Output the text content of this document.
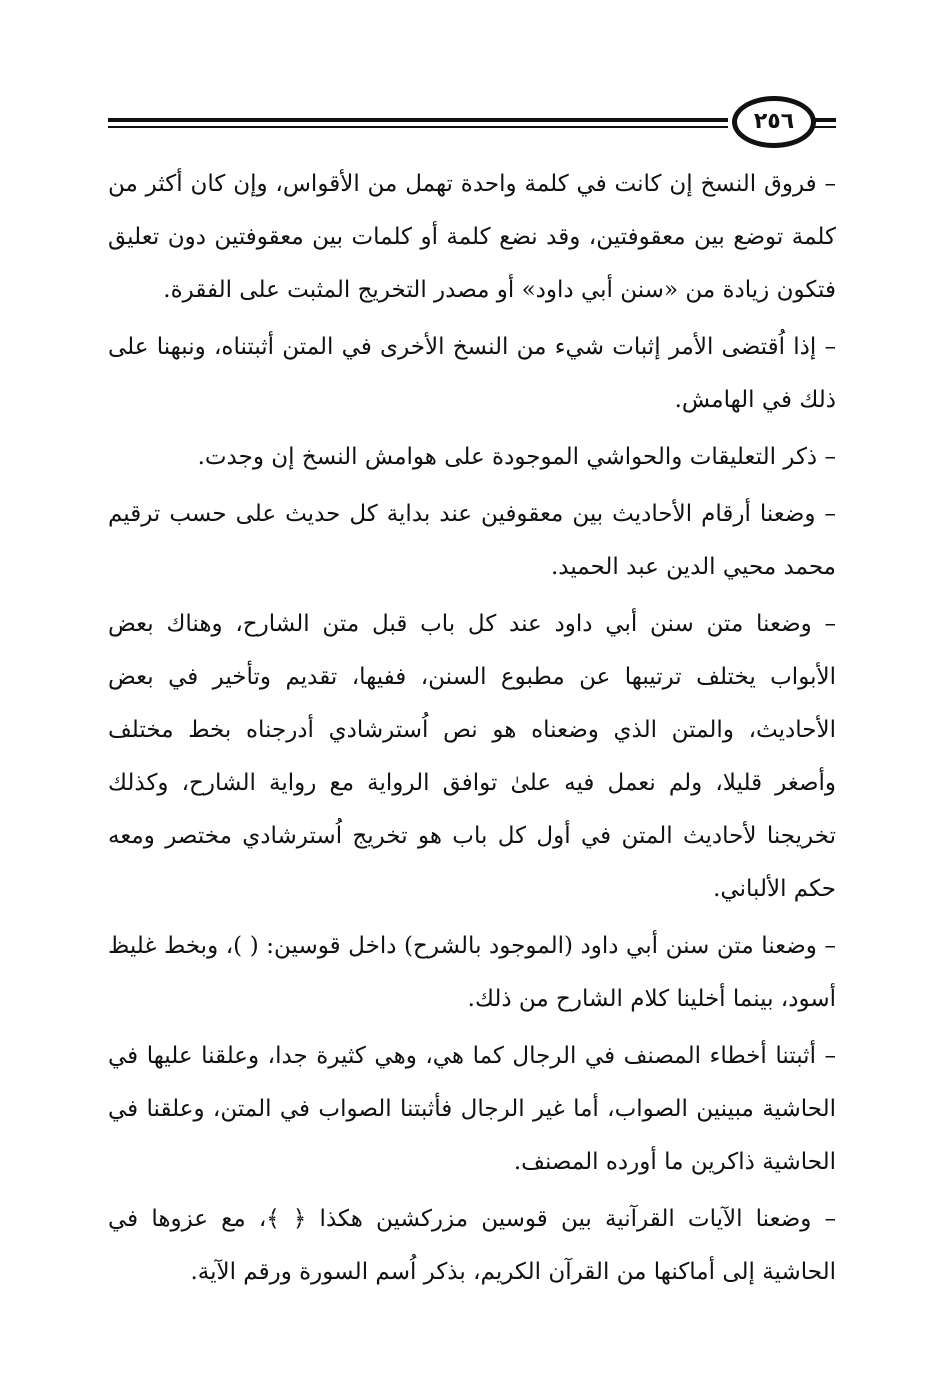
٢٥٦

– فروق النسخ إن كانت في كلمة واحدة تهمل من الأقواس، وإن كان أكثر من كلمة توضع بين معقوفتين، وقد نضع كلمة أو كلمات بين معقوفتين دون تعليق فتكون زيادة من «سنن أبي داود» أو مصدر التخريج المثبت على الفقرة.

– إذا اُقتضى الأمر إثبات شيء من النسخ الأخرى في المتن أثبتناه، ونبهنا على ذلك في الهامش.

– ذكر التعليقات والحواشي الموجودة على هوامش النسخ إن وجدت.

– وضعنا أرقام الأحاديث بين معقوفين عند بداية كل حديث على حسب ترقيم محمد محيي الدين عبد الحميد.

– وضعنا متن سنن أبي داود عند كل باب قبل متن الشارح، وهناك بعض الأبواب يختلف ترتيبها عن مطبوع السنن، ففيها، تقديم وتأخير في بعض الأحاديث، والمتن الذي وضعناه هو نص اُسترشادي أدرجناه بخط مختلف وأصغر قليلا، ولم نعمل فيه علىٰ توافق الرواية مع رواية الشارح، وكذلك تخريجنا لأحاديث المتن في أول كل باب هو تخريج اُسترشادي مختصر ومعه حكم الألباني.

– وضعنا متن سنن أبي داود (الموجود بالشرح) داخل قوسين: ( )، وبخط غليظ أسود، بينما أخلينا كلام الشارح من ذلك.

– أثبتنا أخطاء المصنف في الرجال كما هي، وهي كثيرة جدا، وعلقنا عليها في الحاشية مبينين الصواب، أما غير الرجال فأثبتنا الصواب في المتن، وعلقنا في الحاشية ذاكرين ما أورده المصنف.

– وضعنا الآيات القرآنية بين قوسين مزركشين هكذا ﴿ ﴾، مع عزوها في الحاشية إلى أماكنها من القرآن الكريم، بذكر اُسم السورة ورقم الآية.
